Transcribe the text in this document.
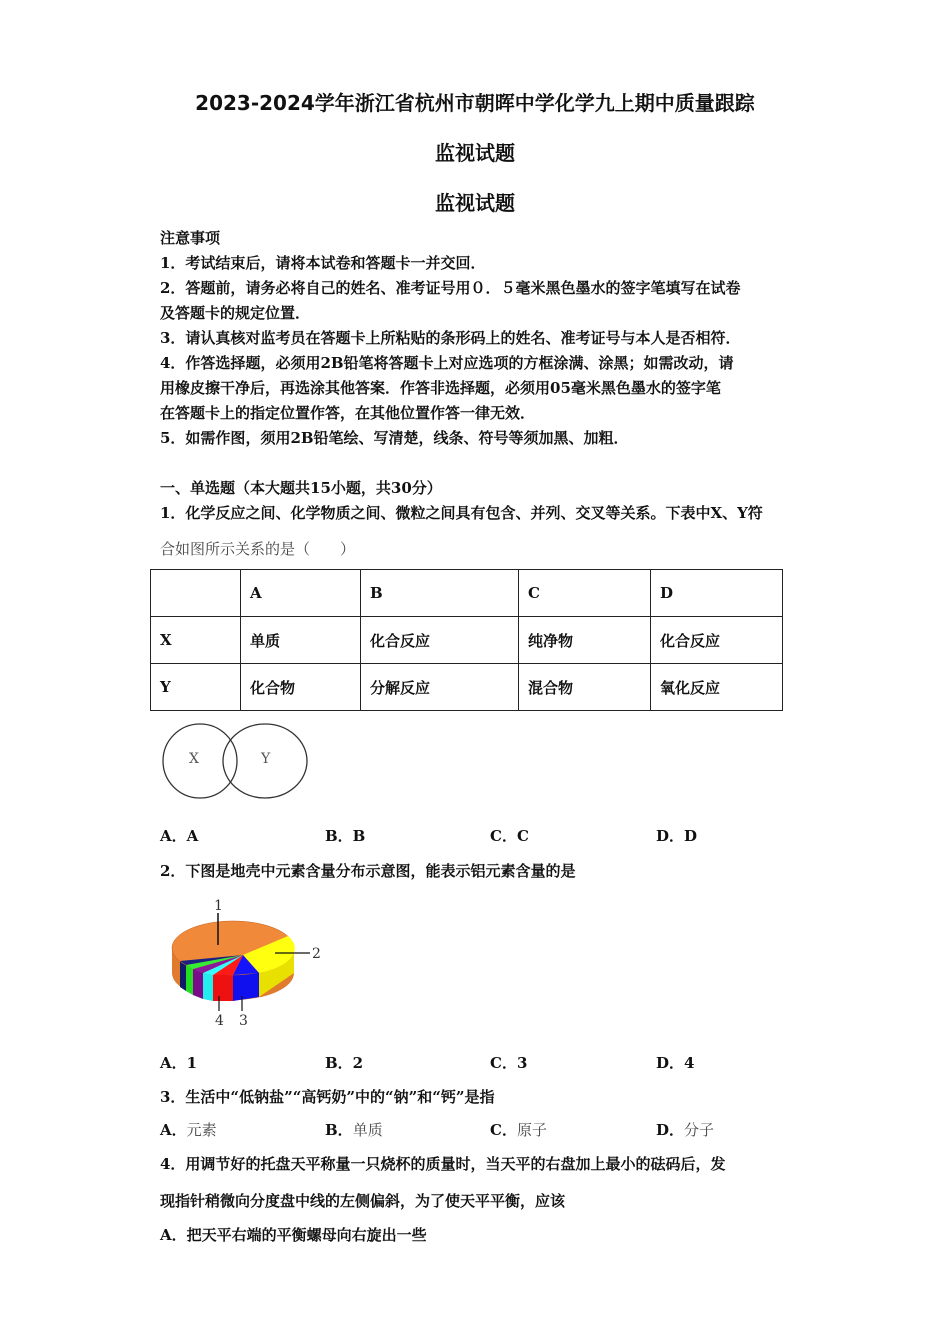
2023-2024学年浙江省杭州市朝晖中学化学九上期中质量跟踪
监视试题
监视试题
注意事项
1．考试结束后，请将本试卷和答题卡一并交回．
2．答题前，请务必将自己的姓名、准考证号用０．５毫米黑色墨水的签字笔填写在试卷
及答题卡的规定位置．
3．请认真核对监考员在答题卡上所粘贴的条形码上的姓名、准考证号与本人是否相符．
4．作答选择题，必须用2B铅笔将答题卡上对应选项的方框涂满、涂黑；如需改动，请
用橡皮擦干净后，再选涂其他答案．作答非选择题，必须用05毫米黑色墨水的签字笔
在答题卡上的指定位置作答，在其他位置作答一律无效．
5．如需作图，须用2B铅笔绘、写清楚，线条、符号等须加黑、加粗．
一、单选题（本大题共15小题，共30分）
1．化学反应之间、化学物质之间、微粒之间具有包含、并列、交叉等关系。下表中X、Y符
合如图所示关系的是（　　）
	A	B	C	D
X	单质	化合反应	纯净物	化合反应
Y	化合物	分解反应	混合物	氧化反应
X	Y
A．A	B．B	C．C	D．D
2．下图是地壳中元素含量分布示意图，能表示铝元素含量的是
1
2
3
4
A．1	B．2	C．3	D．4
3．生活中“低钠盐”“高钙奶”中的“钠”和“钙”是指
A．元素	B．单质	C．原子	D．分子
4．用调节好的托盘天平称量一只烧杯的质量时，当天平的右盘加上最小的砝码后，发
现指针稍微向分度盘中线的左侧偏斜，为了使天平平衡，应该
A．把天平右端的平衡螺母向右旋出一些
